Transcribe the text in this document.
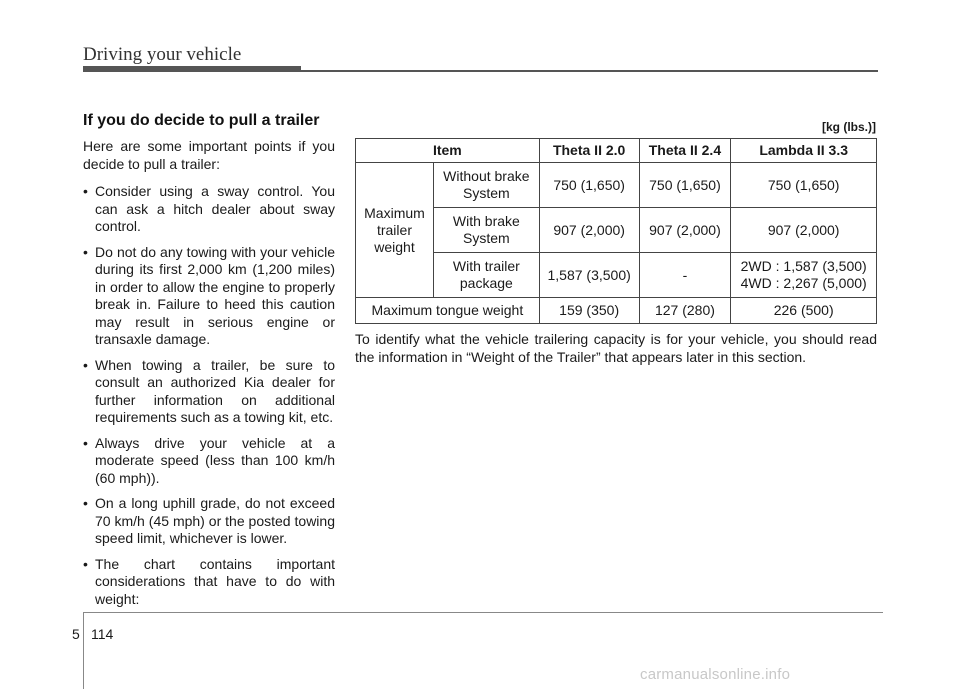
Driving your vehicle
If you do decide to pull a trailer

Here are some important points if you decide to pull a trailer:

• Consider using a sway control. You can ask a hitch dealer about sway control.
• Do not do any towing with your vehicle during its first 2,000 km (1,200 miles) in order to allow the engine to properly break in. Failure to heed this caution may result in serious engine or transaxle damage.
• When towing a trailer, be sure to consult an authorized Kia dealer for further information on additional requirements such as a towing kit, etc.
• Always drive your vehicle at a moderate speed (less than 100 km/h (60 mph)).
• On a long uphill grade, do not exceed 70 km/h (45 mph) or the posted towing speed limit, whichever is lower.
• The chart contains important considerations that have to do with weight:
[kg (lbs.)]
Item		Theta II 2.0	Theta II 2.4	Lambda II 3.3
Maximum trailer weight	Without brake System	750 (1,650)	750 (1,650)	750 (1,650)
	With brake System	907 (2,000)	907 (2,000)	907 (2,000)
	With trailer package	1,587 (3,500)	-	2WD : 1,587 (3,500)
4WD : 2,267 (5,000)
Maximum tongue weight		159 (350)	127 (280)	226 (500)

To identify what the vehicle trailering capacity is for your vehicle, you should read the information in “Weight of the Trailer” that appears later in this section.

5 114
carmanualsonline.info
